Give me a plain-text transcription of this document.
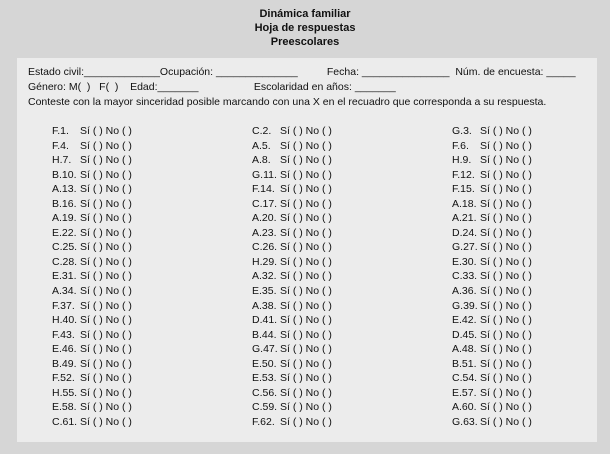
Dinámica familiar
Hoja de respuestas
Preescolares
Estado civil:_____________Ocupación: ______________          Fecha: _______________  Núm. de encuesta: _____
Género: M(  )   F(  )    Edad:_______                   Escolaridad en años: _______
Conteste con la mayor sinceridad posible marcando con una X en el recuadro que corresponda a su respuesta.
F.1. Sí ( ) No ( )
F.4. Sí ( ) No ( )
H.7. Sí ( ) No ( )
B.10. Sí ( ) No ( )
A.13. Sí ( ) No ( )
B.16. Sí ( ) No ( )
A.19. Sí ( ) No ( )
E.22. Sí ( ) No ( )
C.25. Sí ( ) No ( )
C.28. Sí ( ) No ( )
E.31. Sí ( ) No ( )
A.34. Sí ( ) No ( )
F.37. Sí ( ) No ( )
H.40. Sí ( ) No ( )
F.43. Sí ( ) No ( )
E.46. Sí ( ) No ( )
B.49. Sí ( ) No ( )
F.52. Sí ( ) No ( )
H.55. Sí ( ) No ( )
E.58. Sí ( ) No ( )
C.61. Sí ( ) No ( )
C.2. Sí ( ) No ( )
A.5. Sí ( ) No ( )
A.8. Sí ( ) No ( )
G.11. Sí ( ) No ( )
F.14. Sí ( ) No ( )
C.17. Sí ( ) No ( )
A.20. Sí ( ) No ( )
A.23. Sí ( ) No ( )
C.26. Sí ( ) No ( )
H.29. Sí ( ) No ( )
A.32. Sí ( ) No ( )
E.35. Sí ( ) No ( )
A.38. Sí ( ) No ( )
D.41. Sí ( ) No ( )
B.44. Sí ( ) No ( )
G.47. Sí ( ) No ( )
E.50. Sí ( ) No ( )
E.53. Sí ( ) No ( )
C.56. Sí ( ) No ( )
C.59. Sí ( ) No ( )
F.62. Sí ( ) No ( )
G.3. Sí ( ) No ( )
F.6. Sí ( ) No ( )
H.9. Sí ( ) No ( )
F.12. Sí ( ) No ( )
F.15. Sí ( ) No ( )
A.18. Sí ( ) No ( )
A.21. Sí ( ) No ( )
D.24. Sí ( ) No ( )
G.27. Sí ( ) No ( )
E.30. Sí ( ) No ( )
C.33. Sí ( ) No ( )
A.36. Sí ( ) No ( )
G.39. Sí ( ) No ( )
E.42. Sí ( ) No ( )
D.45. Sí ( ) No ( )
A.48. Sí ( ) No ( )
B.51. Sí ( ) No ( )
C.54. Sí ( ) No ( )
E.57. Sí ( ) No ( )
A.60. Sí ( ) No ( )
G.63. Sí ( ) No ( )
